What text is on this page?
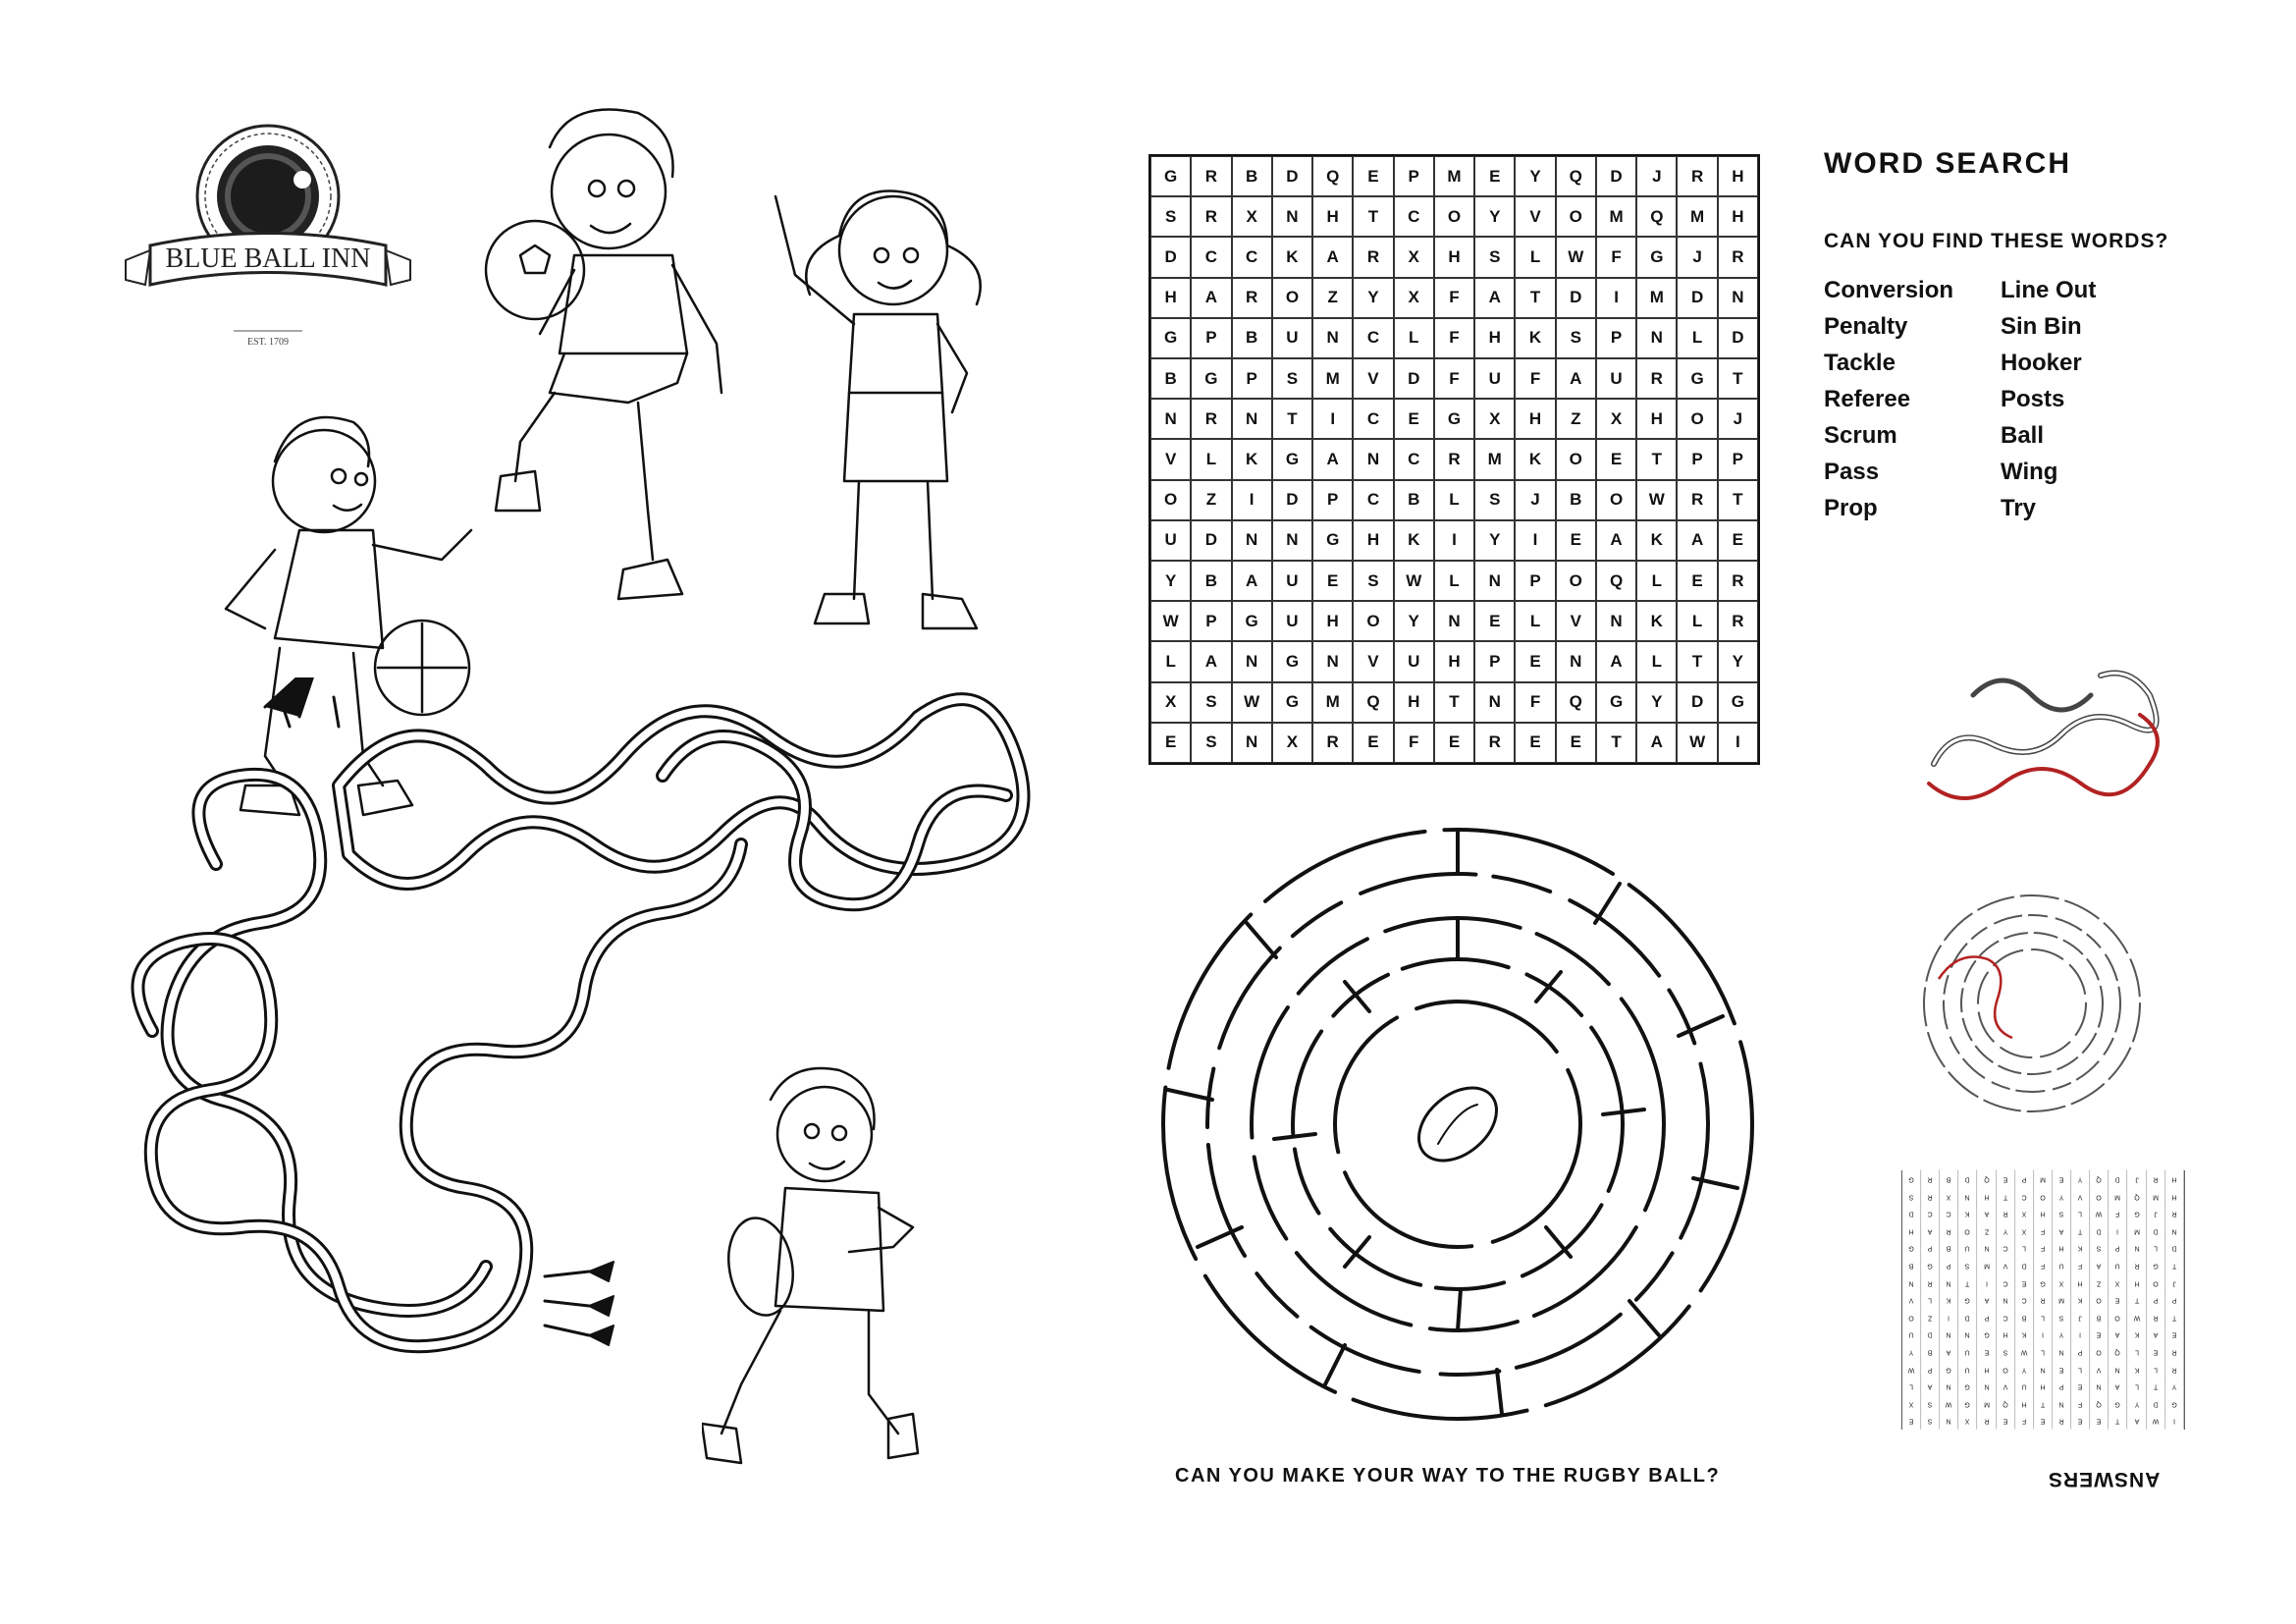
BLUE BALL INN
EST. 1709
G	R	B	D	Q	E	P	M	E	Y	Q	D	J	R	H
S	R	X	N	H	T	C	O	Y	V	O	M	Q	M	H
D	C	C	K	A	R	X	H	S	L	W	F	G	J	R
H	A	R	O	Z	Y	X	F	A	T	D	I	M	D	N
G	P	B	U	N	C	L	F	H	K	S	P	N	L	D
B	G	P	S	M	V	D	F	U	F	A	U	R	G	T
N	R	N	T	I	C	E	G	X	H	Z	X	H	O	J
V	L	K	G	A	N	C	R	M	K	O	E	T	P	P
O	Z	I	D	P	C	B	L	S	J	B	O	W	R	T
U	D	N	N	G	H	K	I	Y	I	E	A	K	A	E
Y	B	A	U	E	S	W	L	N	P	O	Q	L	E	R
W	P	G	U	H	O	Y	N	E	L	V	N	K	L	R
L	A	N	G	N	V	U	H	P	E	N	A	L	T	Y
X	S	W	G	M	Q	H	T	N	F	Q	G	Y	D	G
E	S	N	X	R	E	F	E	R	E	E	T	A	W	I
WORD SEARCH
CAN YOU FIND THESE WORDS?
Conversion	Line Out
Penalty	Sin Bin
Tackle	Hooker
Referee	Posts
Scrum	Ball
Pass	Wing
Prop	Try
CAN YOU MAKE YOUR WAY TO THE RUGBY BALL?
G	R	B	D	Q	E	P	M	E	Y	Q	D	J	R	H
S	R	X	N	H	T	C	O	Y	V	O	M	Q	M	H
D	C	C	K	A	R	X	H	S	L	W	F	G	J	R
H	A	R	O	Z	Y	X	F	A	T	D	I	M	D	N
G	P	B	U	N	C	L	F	H	K	S	P	N	L	D
B	G	P	S	M	V	D	F	U	F	A	U	R	G	T
N	R	N	T	I	C	E	G	X	H	Z	X	H	O	J
V	L	K	G	A	N	C	R	M	K	O	E	T	P	P
O	Z	I	D	P	C	B	L	S	J	B	O	W	R	T
U	D	N	N	G	H	K	I	Y	I	E	A	K	A	E
Y	B	A	U	E	S	W	L	N	P	O	Q	L	E	R
W	P	G	U	H	O	Y	N	E	L	V	N	K	L	R
L	A	N	G	N	V	U	H	P	E	N	A	L	T	Y
X	S	W	G	M	Q	H	T	N	F	Q	G	Y	D	G
E	S	N	X	R	E	F	E	R	E	E	T	A	W	I
ANSWERS
